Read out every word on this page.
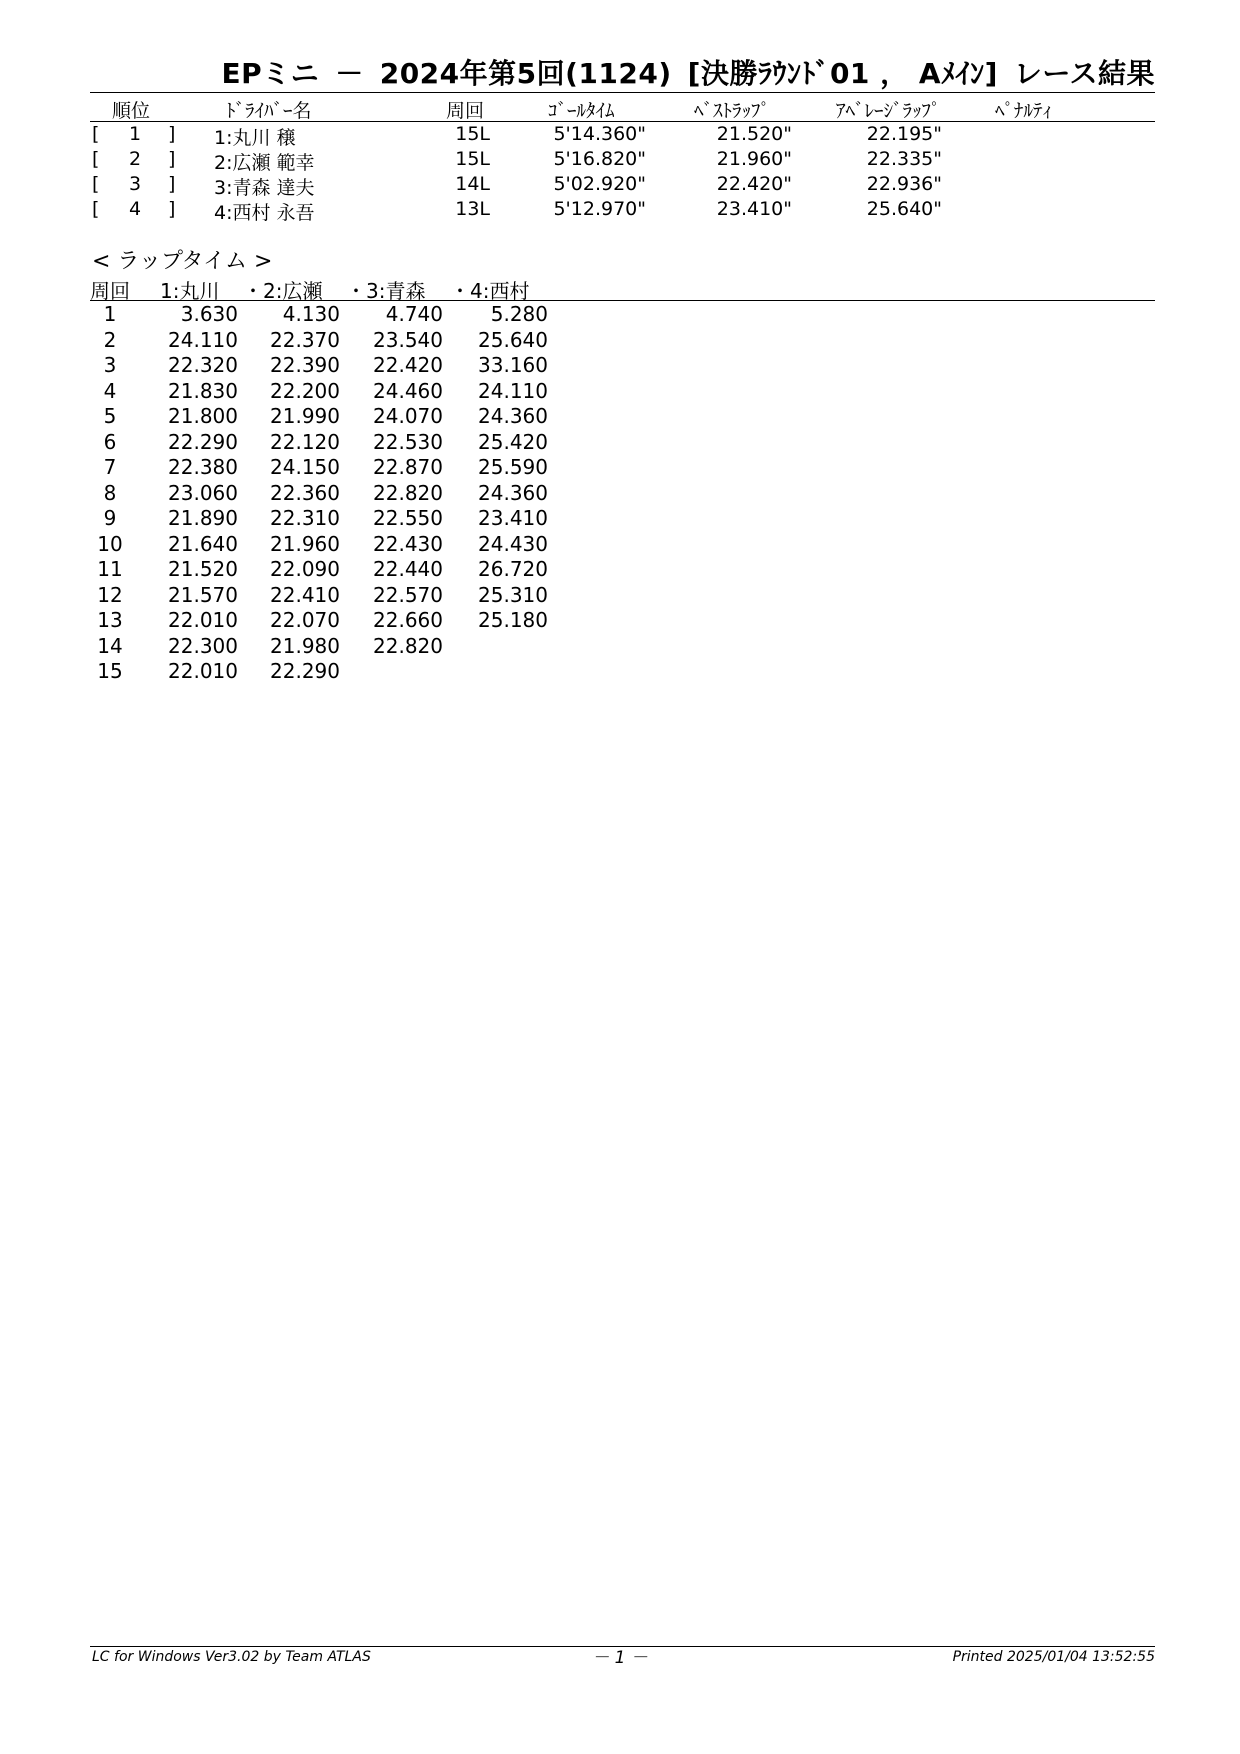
EPミニ － 2024年第5回(1124) [決勝ﾗｳﾝﾄﾞ01 ， Aﾒｲﾝ] レース結果
順位	ﾄﾞﾗｲﾊﾞｰ名	周回	ｺﾞｰﾙﾀｲﾑ	ﾍﾞｽﾄﾗｯﾌﾟ	ｱﾍﾞﾚｰｼﾞﾗｯﾌﾟ	ﾍﾟﾅﾙﾃｨ
[	1	]	1:丸川 穣	15L	5'14.360"	21.520"	22.195"
[	2	]	2:広瀬 範幸	15L	5'16.820"	21.960"	22.335"
[	3	]	3:青森 達夫	14L	5'02.920"	22.420"	22.936"
[	4	]	4:西村 永吾	13L	5'12.970"	23.410"	25.640"
< ラップタイム >
周回 1:丸川 ・2:広瀬 ・3:青森 ・4:西村
1	3.630	4.130	4.740	5.280
2	24.110	22.370	23.540	25.640
3	22.320	22.390	22.420	33.160
4	21.830	22.200	24.460	24.110
5	21.800	21.990	24.070	24.360
6	22.290	22.120	22.530	25.420
7	22.380	24.150	22.870	25.590
8	23.060	22.360	22.820	24.360
9	21.890	22.310	22.550	23.410
10	21.640	21.960	22.430	24.430
11	21.520	22.090	22.440	26.720
12	21.570	22.410	22.570	25.310
13	22.010	22.070	22.660	25.180
14	22.300	21.980	22.820
15	22.010	22.290
LC for Windows Ver3.02 by Team ATLAS	－ 1 －	Printed 2025/01/04 13:52:55
